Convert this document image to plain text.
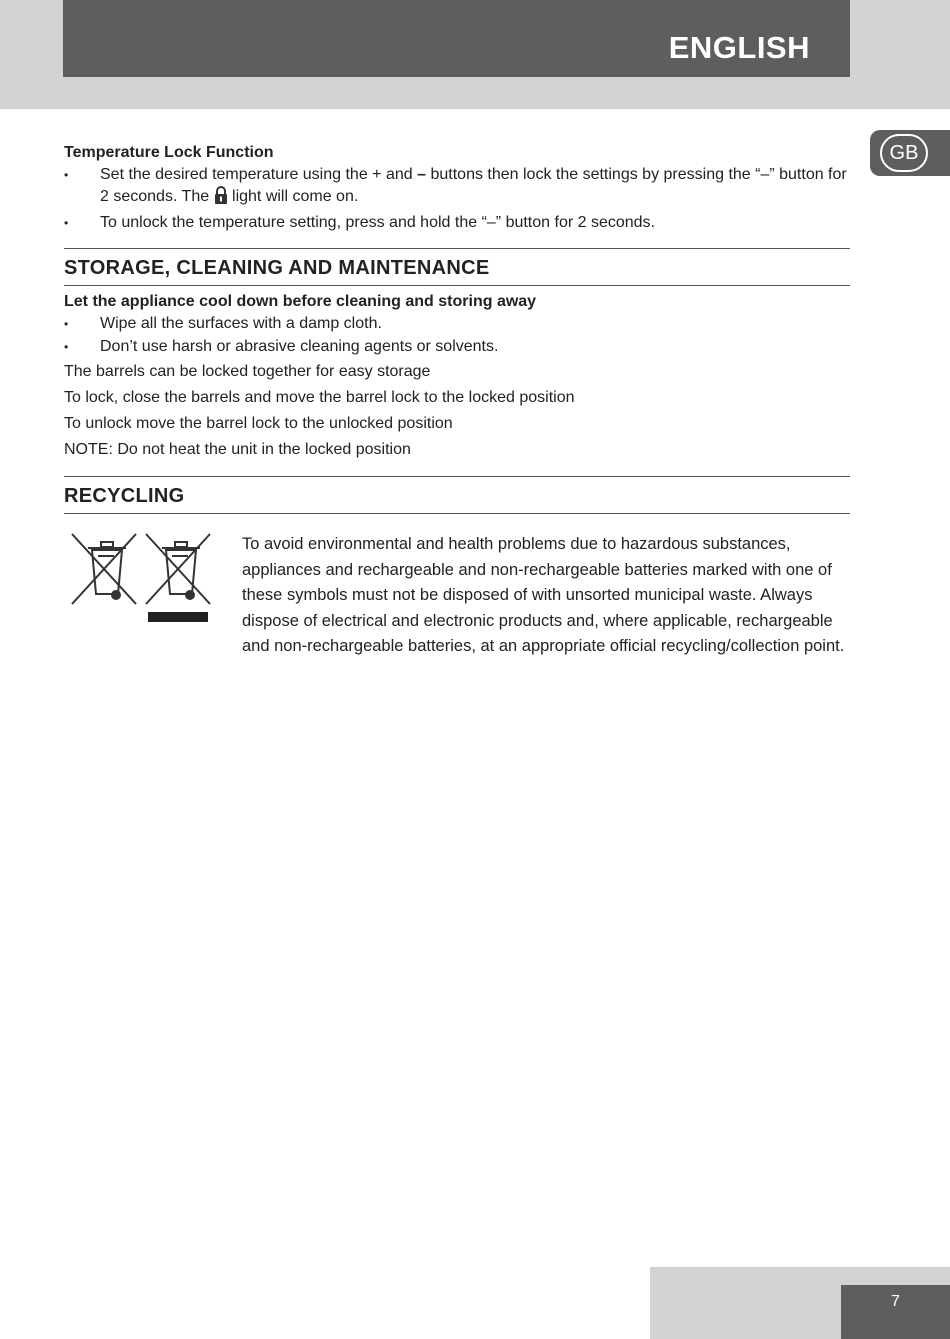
ENGLISH
GB
Temperature Lock Function
• Set the desired temperature using the + and – buttons then lock the settings by pressing the “–” button for 2 seconds. The light will come on.
• To unlock the temperature setting, press and hold the “–” button for 2 seconds.
STORAGE, CLEANING AND MAINTENANCE
Let the appliance cool down before cleaning and storing away
• Wipe all the surfaces with a damp cloth.
• Don’t use harsh or abrasive cleaning agents or solvents.
The barrels can be locked together for easy storage
To lock, close the barrels and move the barrel lock to the locked position
To unlock move the barrel lock to the unlocked position
NOTE: Do not heat the unit in the locked position
RECYCLING
To avoid environmental and health problems due to hazardous substances, appliances and rechargeable and non-rechargeable batteries marked with one of these symbols must not be disposed of with unsorted municipal waste. Always dispose of electrical and electronic products and, where applicable, rechargeable and non-rechargeable batteries, at an appropriate official recycling/collection point.
7
